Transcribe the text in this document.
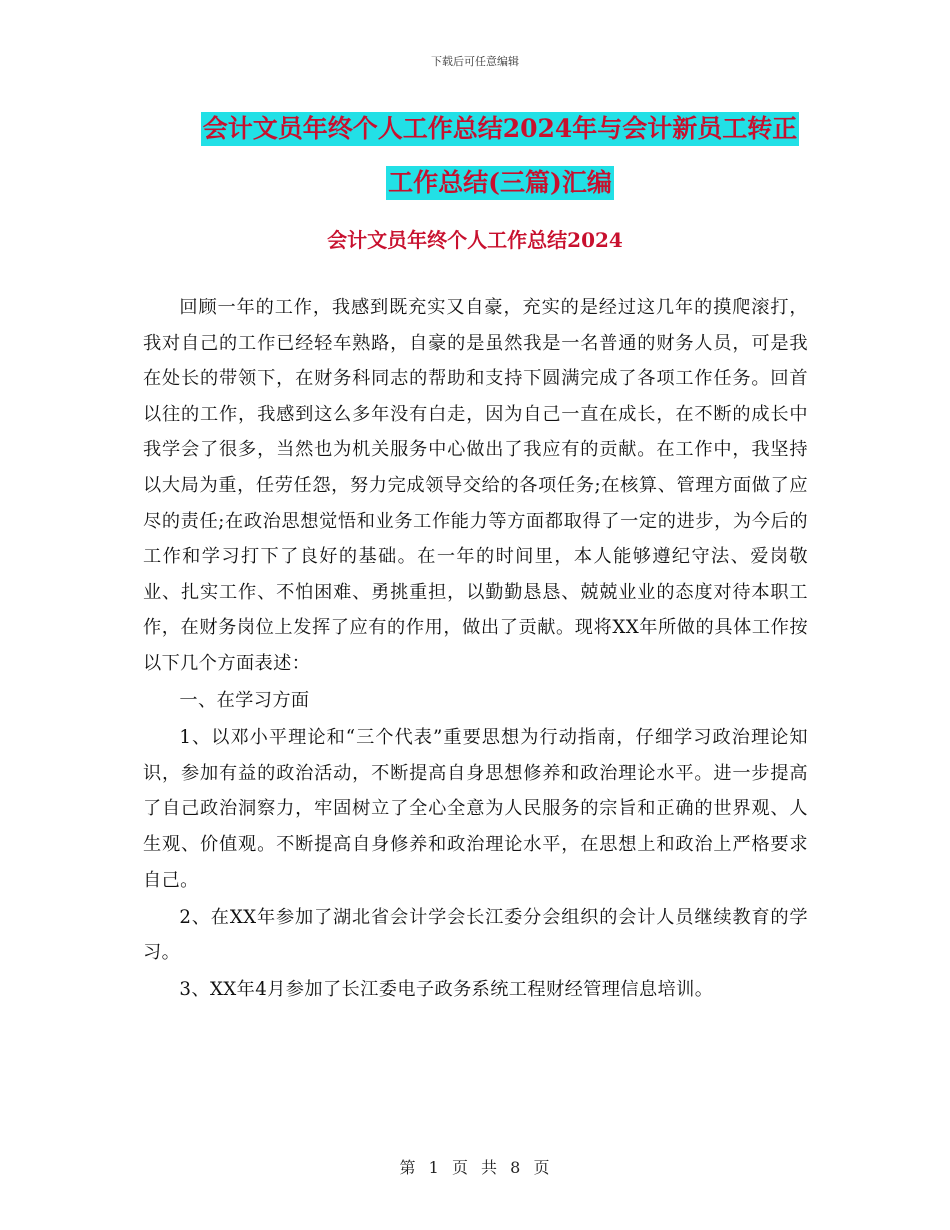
下载后可任意编辑
会计文员年终个人工作总结2024年与会计新员工转正
工作总结(三篇)汇编
会计文员年终个人工作总结2024

回顾一年的工作，我感到既充实又自豪，充实的是经过这几年的摸爬滚打，我对自己的工作已经轻车熟路，自豪的是虽然我是一名普通的财务人员，可是我在处长的带领下，在财务科同志的帮助和支持下圆满完成了各项工作任务。回首以往的工作，我感到这么多年没有白走，因为自己一直在成长，在不断的成长中我学会了很多，当然也为机关服务中心做出了我应有的贡献。在工作中，我坚持以大局为重，任劳任怨，努力完成领导交给的各项任务;在核算、管理方面做了应尽的责任;在政治思想觉悟和业务工作能力等方面都取得了一定的进步，为今后的工作和学习打下了良好的基础。在一年的时间里，本人能够遵纪守法、爱岗敬业、扎实工作、不怕困难、勇挑重担，以勤勤恳恳、兢兢业业的态度对待本职工作，在财务岗位上发挥了应有的作用，做出了贡献。现将XX年所做的具体工作按以下几个方面表述：

一、在学习方面

1、以邓小平理论和“三个代表”重要思想为行动指南，仔细学习政治理论知识，参加有益的政治活动，不断提高自身思想修养和政治理论水平。进一步提高了自己政治洞察力，牢固树立了全心全意为人民服务的宗旨和正确的世界观、人生观、价值观。不断提高自身修养和政治理论水平，在思想上和政治上严格要求自己。

2、在XX年参加了湖北省会计学会长江委分会组织的会计人员继续教育的学习。

3、XX年4月参加了长江委电子政务系统工程财经管理信息培训。

第 1 页 共 8 页
